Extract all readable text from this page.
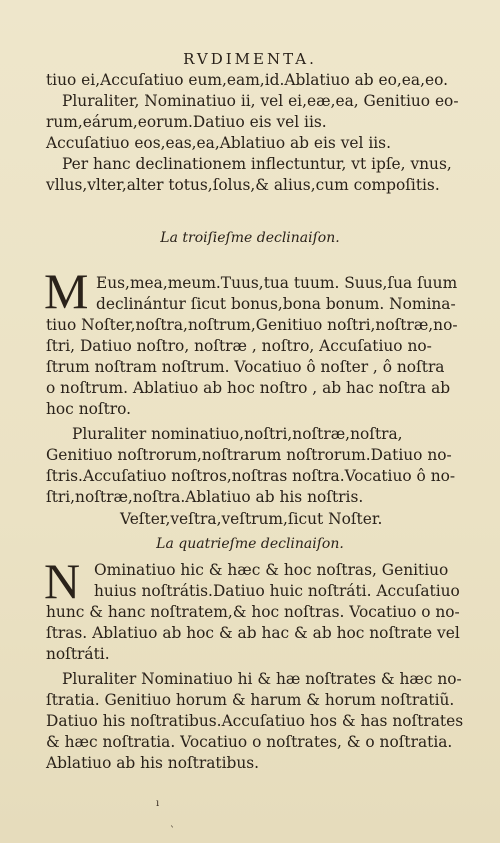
RVDIMENTA.
tiuo ei,Accuſatiuo eum,eam,id.Ablatiuo ab eo,ea,eo.
Pluraliter, Nominatiuo ii, vel ei,eæ,ea, Genitiuo eo-
rum,eárum,eorum.Datiuo eis vel iis.
Accuſatiuo eos,eas,ea,Ablatiuo ab eis vel iis.
Per hanc declinationem inflectuntur, vt ipſe, vnus,
vllus,vlter,alter totus,ſolus,& alius,cum compoſitis.
La troiſieſme declinaiſon.
M Eus,mea,meum.Tuus,tua tuum. Suus,ſua ſuum
declinántur ſicut bonus,bona bonum. Nomina-
tiuo Noſter,noſtra,noſtrum,Genitiuo noſtri,noſtræ,no-
ſtri, Datiuo noſtro, noſtræ , noſtro, Accuſatiuo no-
ſtrum noſtram noſtrum. Vocatiuo ô noſter , ô noſtra
o noſtrum. Ablatiuo ab hoc noſtro , ab hac noſtra ab
hoc noſtro.
Pluraliter nominatiuo,noſtri,noſtræ,noſtra,
Genitiuo noſtrorum,noſtrarum noſtrorum.Datiuo no-
ſtris.Accuſatiuo noſtros,noſtras noſtra.Vocatiuo ô no-
ſtri,noſtræ,noſtra.Ablatiuo ab his noſtris.
Veſter,veſtra,veſtrum,ſicut Noſter.
La quatrieſme declinaiſon.
N Ominatiuo hic & hæc & hoc noſtras, Genitiuo
huius noſtrátis.Datiuo huic noſtráti. Accuſatiuo
hunc & hanc noſtratem,& hoc noſtras. Vocatiuo o no-
ſtras. Ablatiuo ab hoc & ab hac & ab hoc noſtrate vel
noſtráti.
Pluraliter Nominatiuo hi & hæ noſtrates & hæc no-
ſtratia. Genitiuo horum & harum & horum noſtratiũ.
Datiuo his noſtratibus.Accuſatiuo hos & has noſtrates
& hæc noſtratia. Vocatiuo o noſtrates, & o noſtratia.
Ablatiuo ab his noſtratibus.
ı
`
